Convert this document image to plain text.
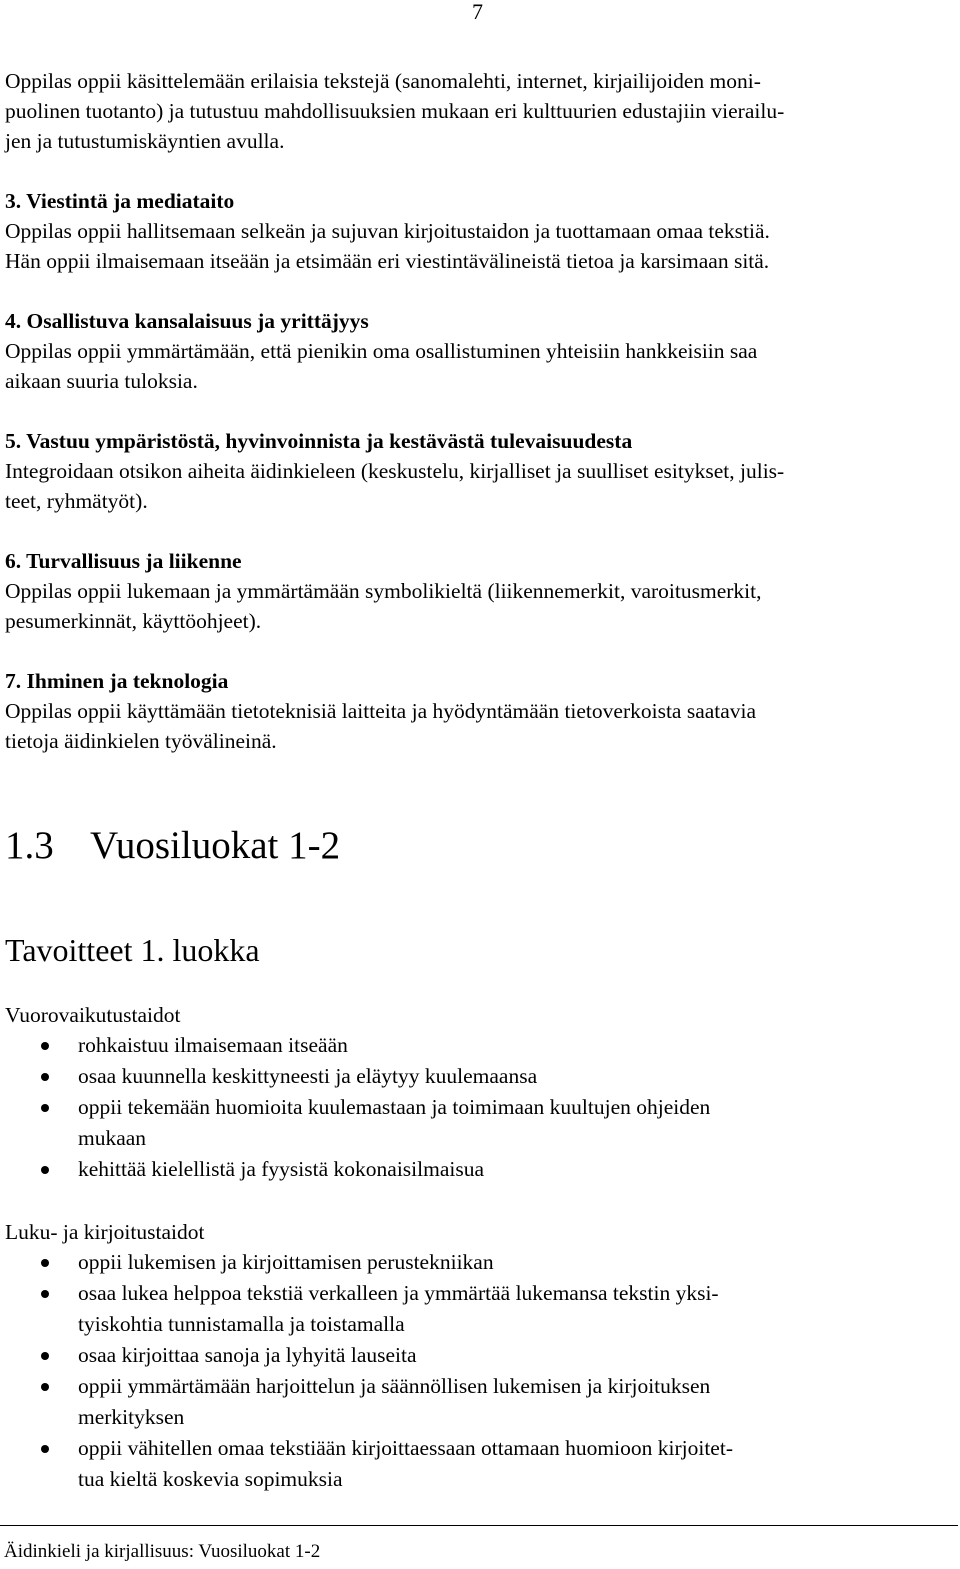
7

Oppilas oppii käsittelemään erilaisia tekstejä (sanomalehti, internet, kirjailijoiden moni-
puolinen tuotanto) ja tutustuu mahdollisuuksien mukaan eri kulttuurien edustajiin vierailu-
jen ja tutustumiskäyntien avulla.

3. Viestintä ja mediataito

Oppilas oppii hallitsemaan selkeän ja sujuvan kirjoitustaidon ja tuottamaan omaa tekstiä.
Hän oppii ilmaisemaan itseään ja etsimään eri viestintävälineistä tietoa ja karsimaan sitä.

4. Osallistuva kansalaisuus ja yrittäjyys

Oppilas oppii ymmärtämään, että pienikin oma osallistuminen yhteisiin hankkeisiin saa
aikaan suuria tuloksia.

5. Vastuu ympäristöstä, hyvinvoinnista ja kestävästä tulevaisuudesta

Integroidaan otsikon aiheita äidinkieleen (keskustelu, kirjalliset ja suulliset esitykset, julis-
teet, ryhmätyöt).

6. Turvallisuus ja liikenne

Oppilas oppii lukemaan ja ymmärtämään symbolikieltä (liikennemerkit, varoitusmerkit,
pesumerkinnät, käyttöohjeet).

7. Ihminen ja teknologia

Oppilas oppii käyttämään tietoteknisiä laitteita ja hyödyntämään tietoverkoista saatavia
tietoja äidinkielen työvälineinä.

1.3 Vuosiluokat 1-2
Tavoitteet 1. luokka

Vuorovaikutustaidot

rohkaistuu ilmaisemaan itseään
osaa kuunnella keskittyneesti ja eläytyy kuulemaansa
oppii tekemään huomioita kuulemastaan ja toimimaan kuultujen ohjeiden
mukaan
kehittää kielellistä ja fyysistä kokonaisilmaisua

Luku- ja kirjoitustaidot

oppii lukemisen ja kirjoittamisen perustekniikan
osaa lukea helppoa tekstiä verkalleen ja ymmärtää lukemansa tekstin yksi-
tyiskohtia tunnistamalla ja toistamalla
osaa kirjoittaa sanoja ja lyhyitä lauseita
oppii ymmärtämään harjoittelun ja säännöllisen lukemisen ja kirjoituksen
merkityksen
oppii vähitellen omaa tekstiään kirjoittaessaan ottamaan huomioon kirjoitet-
tua kieltä koskevia sopimuksia
Äidinkieli ja kirjallisuus: Vuosiluokat 1-2
